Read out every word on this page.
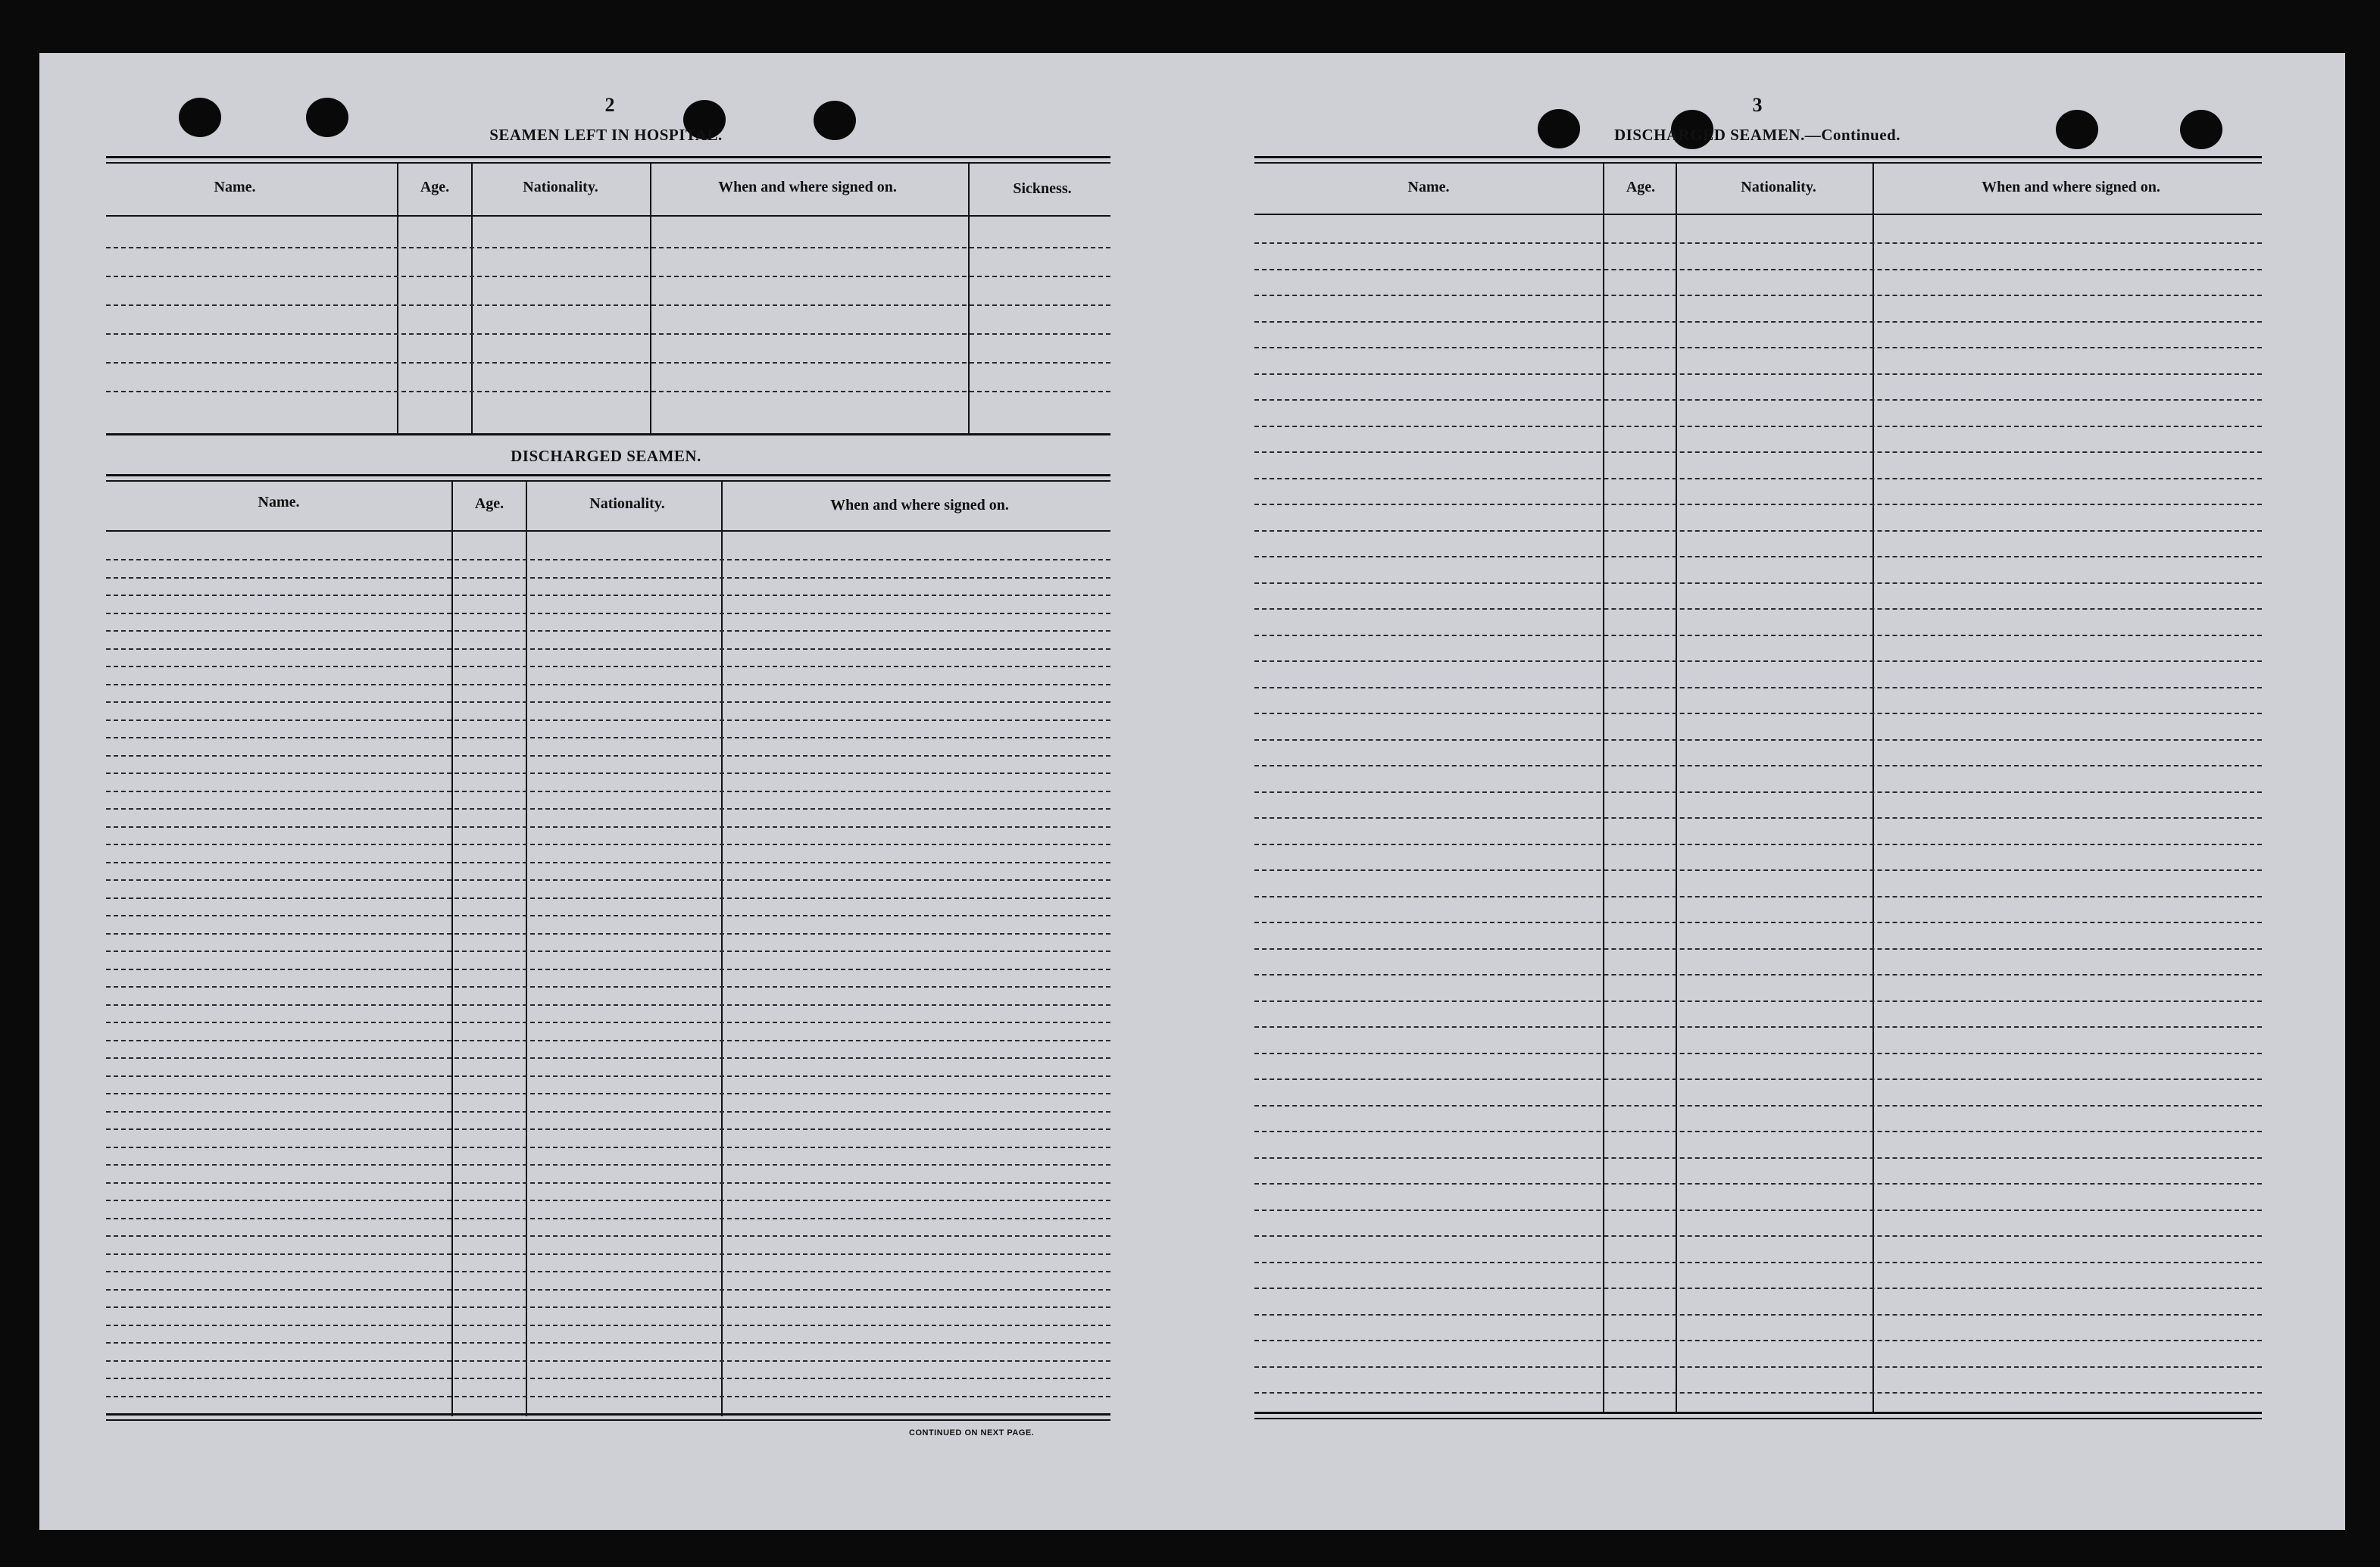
2
SEAMEN LEFT IN HOSPITAL.
3
DISCHARGED SEAMEN.—Continued.
Name.	Age.	Nationality.	When and where signed on.	Sickness.
DISCHARGED SEAMEN.
Name.	Age.	Nationality.	When and where signed on.
CONTINUED ON NEXT PAGE.
Name.	Age.	Nationality.	When and where signed on.
